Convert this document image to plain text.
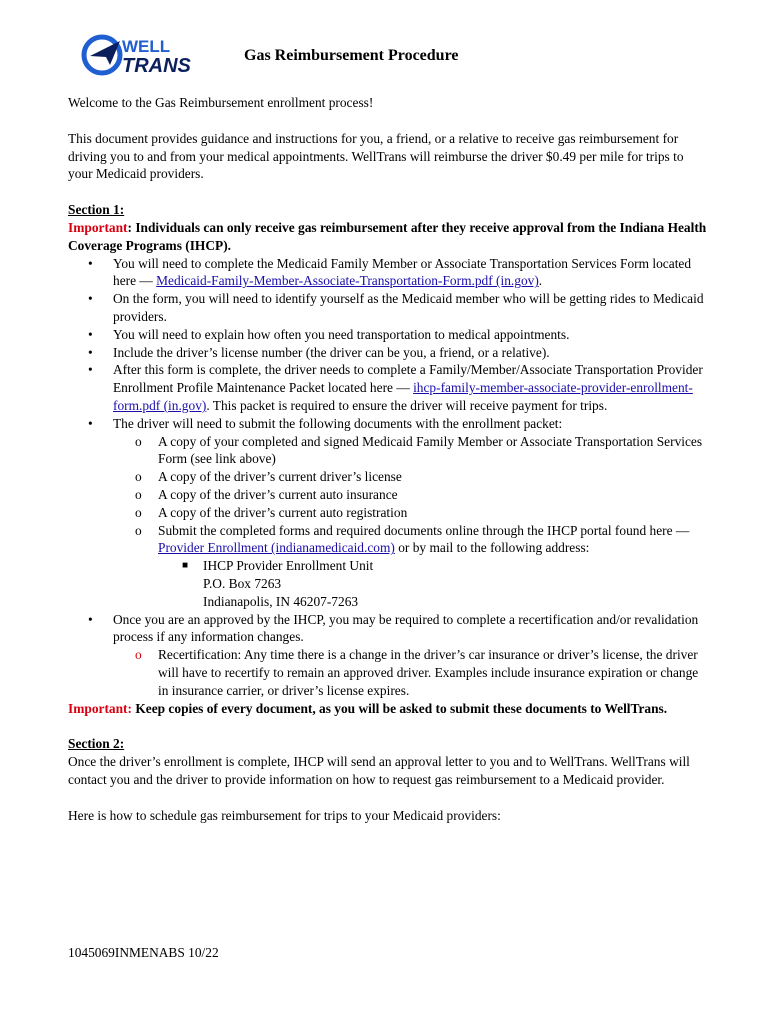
WELL
TRANS	Gas Reimbursement Procedure

Welcome to the Gas Reimbursement enrollment process!

This document provides guidance and instructions for you, a friend, or a relative to receive gas reimbursement for driving you to and from your medical appointments. WellTrans will reimburse the driver $0.49 per mile for trips to your Medicaid providers.

Section 1:

Important: Individuals can only receive gas reimbursement after they receive approval from the Indiana Health Coverage Programs (IHCP).

• You will need to complete the Medicaid Family Member or Associate Transportation Services Form located here — Medicaid-Family-Member-Associate-Transportation-Form.pdf (in.gov).
• On the form, you will need to identify yourself as the Medicaid member who will be getting rides to Medicaid providers.
• You will need to explain how often you need transportation to medical appointments.
• Include the driver’s license number (the driver can be you, a friend, or a relative).
• After this form is complete, the driver needs to complete a Family/Member/Associate Transportation Provider Enrollment Profile Maintenance Packet located here — ihcp-family-member-associate-provider-enrollment-form.pdf (in.gov). This packet is required to ensure the driver will receive payment for trips.
• The driver will need to submit the following documents with the enrollment packet:
o A copy of your completed and signed Medicaid Family Member or Associate Transportation Services Form (see link above)
o A copy of the driver’s current driver’s license
o A copy of the driver’s current auto insurance
o A copy of the driver’s current auto registration
o Submit the completed forms and required documents online through the IHCP portal found here — Provider Enrollment (indianamedicaid.com) or by mail to the following address:
■ IHCP Provider Enrollment Unit
P.O. Box 7263
Indianapolis, IN 46207-7263
• Once you are an approved by the IHCP, you may be required to complete a recertification and/or revalidation process if any information changes.
o Recertification: Any time there is a change in the driver’s car insurance or driver’s license, the driver will have to recertify to remain an approved driver. Examples include insurance expiration or change in insurance carrier, or driver’s license expires.

Important: Keep copies of every document, as you will be asked to submit these documents to WellTrans.

Section 2:

Once the driver’s enrollment is complete, IHCP will send an approval letter to you and to WellTrans. WellTrans will contact you and the driver to provide information on how to request gas reimbursement to a Medicaid provider.

Here is how to schedule gas reimbursement for trips to your Medicaid providers:

1045069INMENABS 10/22
